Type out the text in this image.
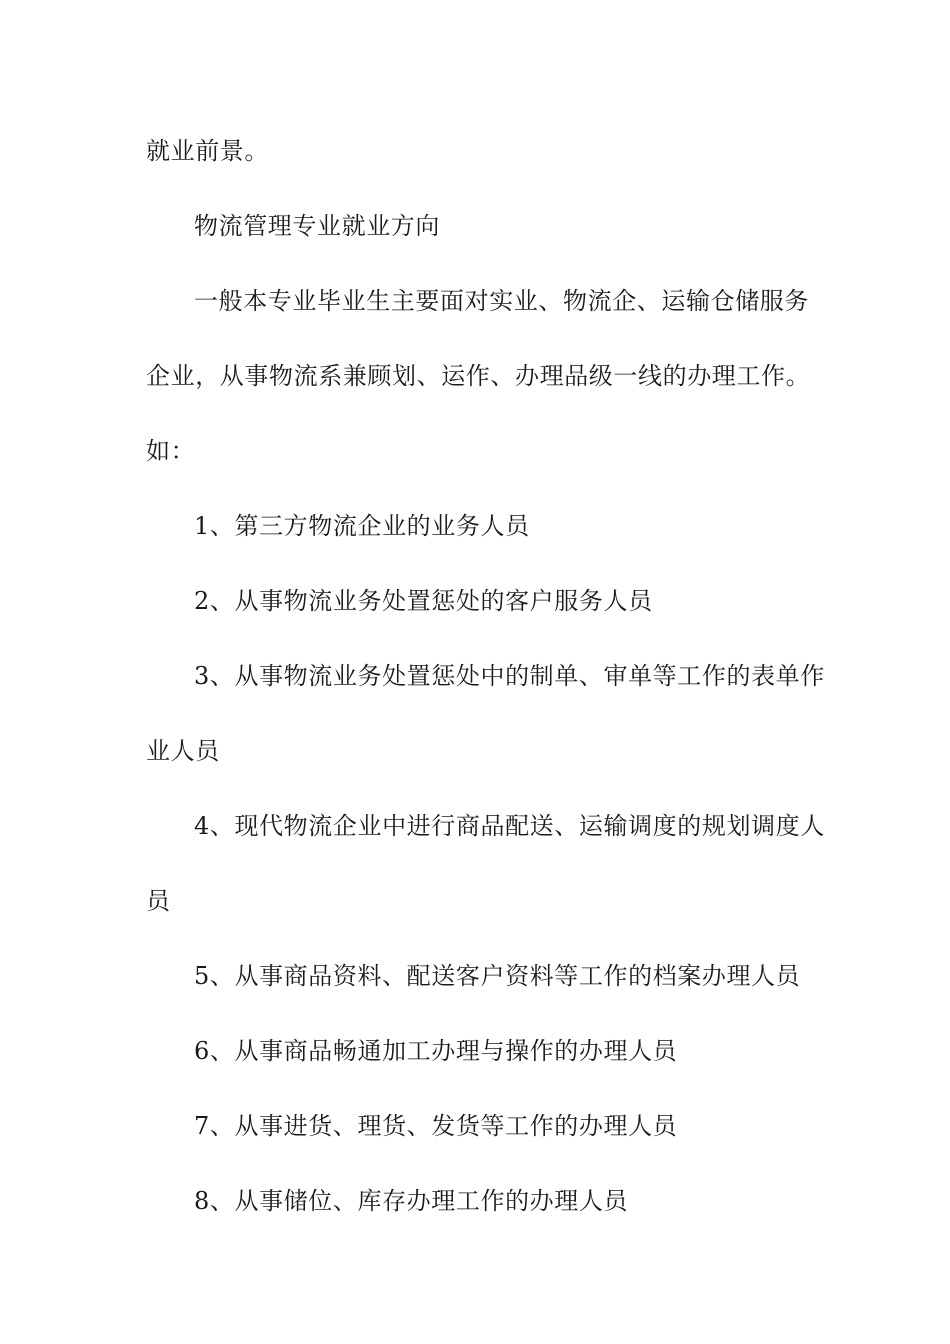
就业前景。
物流管理专业就业方向
一般本专业毕业生主要面对实业、物流企、运输仓储服务
企业，从事物流系兼顾划、运作、办理品级一线的办理工作。
如：
1、第三方物流企业的业务人员
2、从事物流业务处置惩处的客户服务人员
3、从事物流业务处置惩处中的制单、审单等工作的表单作
业人员
4、现代物流企业中进行商品配送、运输调度的规划调度人
员
5、从事商品资料、配送客户资料等工作的档案办理人员
6、从事商品畅通加工办理与操作的办理人员
7、从事进货、理货、发货等工作的办理人员
8、从事储位、库存办理工作的办理人员
